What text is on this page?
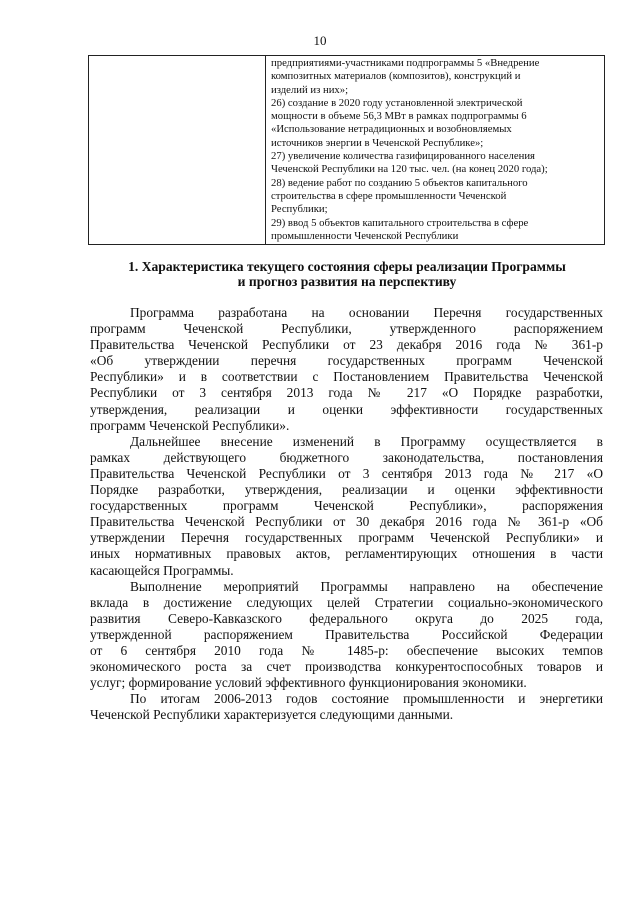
10

предприятиями-участниками подпрограммы 5 «Внедрение
композитных материалов (композитов), конструкций и
изделий из них»;
26) создание в 2020 году установленной электрической
мощности в объеме 56,3 МВт в рамках подпрограммы 6
«Использование нетрадиционных и возобновляемых
источников энергии в Чеченской Республике»;
27) увеличение количества газифицированного населения
Чеченской Республики на 120 тыс. чел. (на конец 2020 года);
28) ведение работ по созданию 5 объектов капитального
строительства в сфере промышленности Чеченской
Республики;
29) ввод 5 объектов капитального строительства в сфере
промышленности Чеченской Республики
1. Характеристика текущего состояния сферы реализации Программы
и прогноз развития на перспективу
Программа разработана на основании Перечня государственных
программ Чеченской Республики, утвержденного распоряжением
Правительства Чеченской Республики от 23 декабря 2016 года № 361-р
«Об утверждении перечня государственных программ Чеченской
Республики» и в соответствии с Постановлением Правительства Чеченской
Республики от 3 сентября 2013 года № 217 «О Порядке разработки,
утверждения, реализации и оценки эффективности государственных
программ Чеченской Республики».
Дальнейшее внесение изменений в Программу осуществляется в
рамках действующего бюджетного законодательства, постановления
Правительства Чеченской Республики от 3 сентября 2013 года № 217 «О
Порядке разработки, утверждения, реализации и оценки эффективности
государственных программ Чеченской Республики», распоряжения
Правительства Чеченской Республики от 30 декабря 2016 года № 361-р «Об
утверждении Перечня государственных программ Чеченской Республики» и
иных нормативных правовых актов, регламентирующих отношения в части
касающейся Программы.
Выполнение мероприятий Программы направлено на обеспечение
вклада в достижение следующих целей Стратегии социально-экономического
развития Северо-Кавказского федерального округа до 2025 года,
утвержденной распоряжением Правительства Российской Федерации
от 6 сентября 2010 года № 1485-р: обеспечение высоких темпов
экономического роста за счет производства конкурентоспособных товаров и
услуг; формирование условий эффективного функционирования экономики.
По итогам 2006-2013 годов состояние промышленности и энергетики
Чеченской Республики характеризуется следующими данными.
